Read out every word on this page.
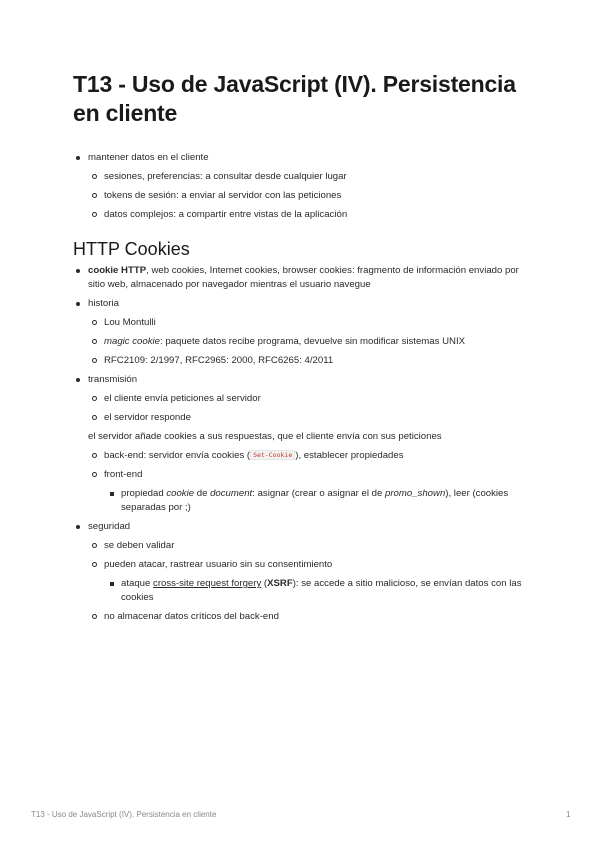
T13 - Uso de JavaScript (IV). Persistencia en cliente
mantener datos en el cliente
sesiones, preferencias: a consultar desde cualquier lugar
tokens de sesión: a enviar al servidor con las peticiones
datos complejos: a compartir entre vistas de la aplicación
HTTP Cookies
cookie HTTP, web cookies, Internet cookies, browser cookies: fragmento de información enviado por sitio web, almacenado por navegador mientras el usuario navegue
historia
Lou Montulli
magic cookie: paquete datos recibe programa, devuelve sin modificar sistemas UNIX
RFC2109: 2/1997, RFC2965: 2000, RFC6265: 4/2011
transmisión
el cliente envía peticiones al servidor
el servidor responde
el servidor añade cookies a sus respuestas, que el cliente envía con sus peticiones
back-end: servidor envía cookies ( Set-Cookie ), establecer propiedades
front-end
propiedad cookie de document: asignar (crear o asignar el de promo_shown), leer (cookies separadas por ;)
seguridad
se deben validar
pueden atacar, rastrear usuario sin su consentimiento
ataque cross-site request forgery (XSRF): se accede a sitio malicioso, se envían datos con las cookies
no almacenar datos críticos del back-end
T13 - Uso de JavaScript (IV). Persistencia en cliente	1
